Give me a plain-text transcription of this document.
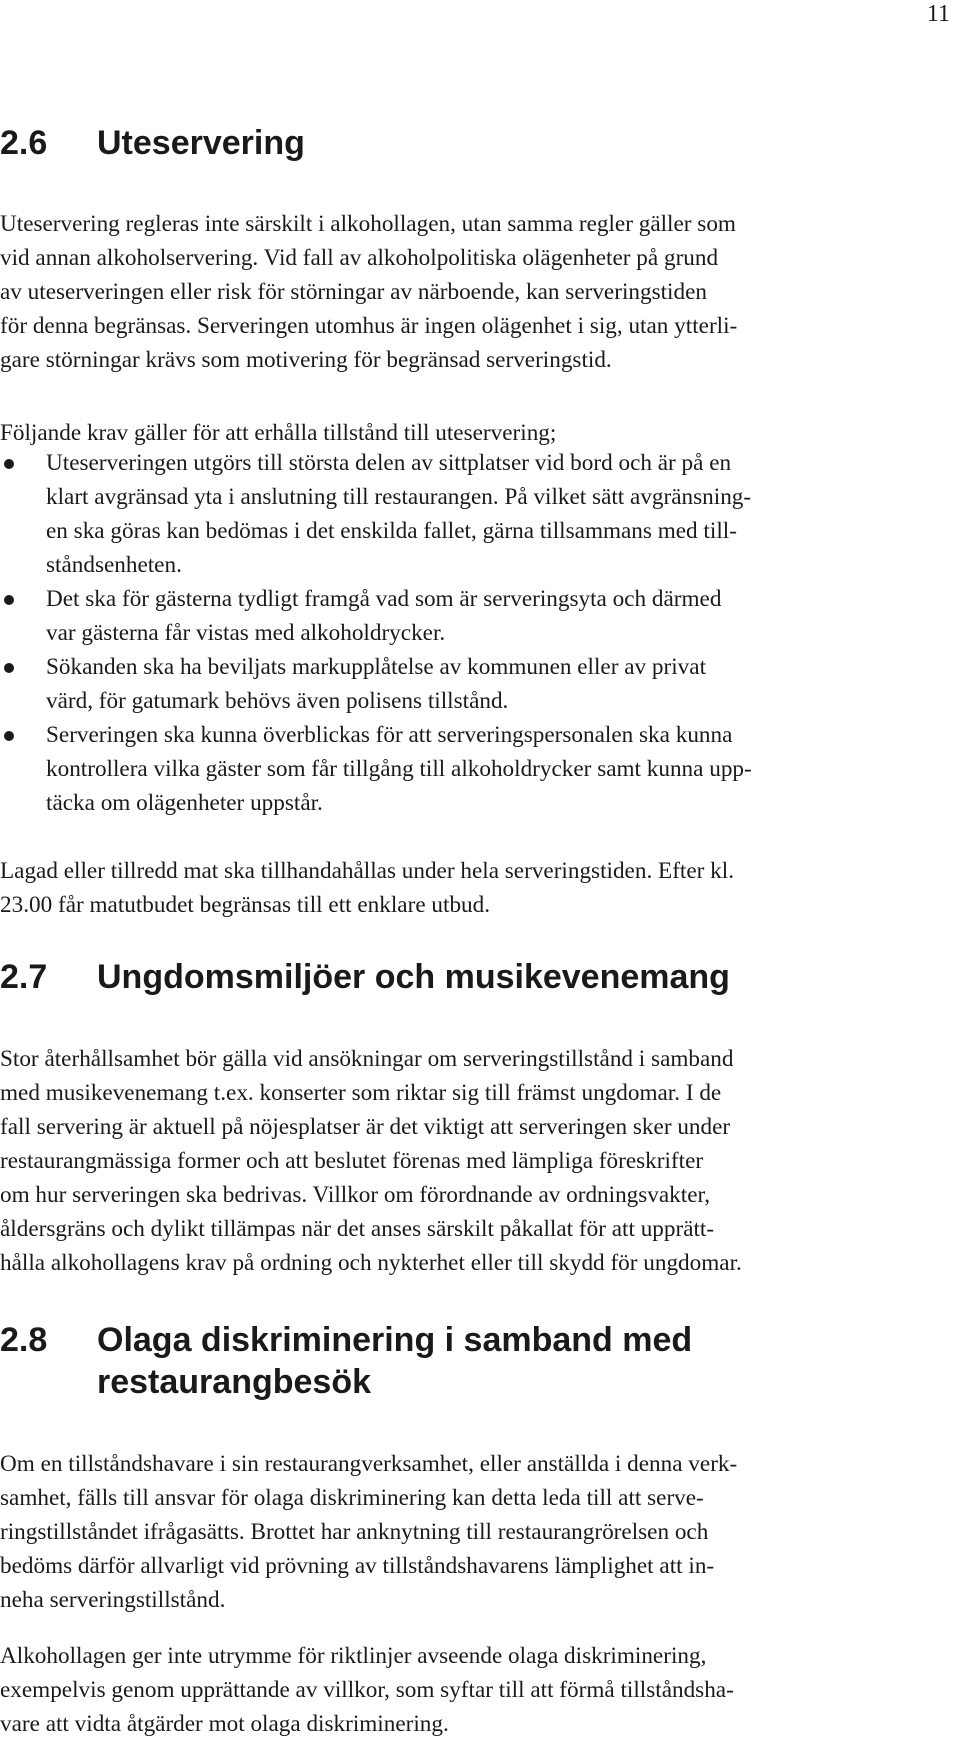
11
2.6 Uteservering

Uteservering regleras inte särskilt i alkohollagen, utan samma regler gäller som
vid annan alkoholservering. Vid fall av alkoholpolitiska olägenheter på grund
av uteserveringen eller risk för störningar av närboende, kan serveringstiden
för denna begränsas. Serveringen utomhus är ingen olägenhet i sig, utan ytterli-
gare störningar krävs som motivering för begränsad serveringstid.

Följande krav gäller för att erhålla tillstånd till uteservering;

Uteserveringen utgörs till största delen av sittplatser vid bord och är på en
klart avgränsad yta i anslutning till restaurangen. På vilket sätt avgränsning-
en ska göras kan bedömas i det enskilda fallet, gärna tillsammans med till-
ståndsenheten.
Det ska för gästerna tydligt framgå vad som är serveringsyta och därmed
var gästerna får vistas med alkoholdrycker.
Sökanden ska ha beviljats markupplåtelse av kommunen eller av privat
värd, för gatumark behövs även polisens tillstånd.
Serveringen ska kunna överblickas för att serveringspersonalen ska kunna
kontrollera vilka gäster som får tillgång till alkoholdrycker samt kunna upp-
täcka om olägenheter uppstår.

Lagad eller tillredd mat ska tillhandahållas under hela serveringstiden. Efter kl.
23.00 får matutbudet begränsas till ett enklare utbud.

2.7 Ungdomsmiljöer och musikevenemang

Stor återhållsamhet bör gälla vid ansökningar om serveringstillstånd i samband
med musikevenemang t.ex. konserter som riktar sig till främst ungdomar. I de
fall servering är aktuell på nöjesplatser är det viktigt att serveringen sker under
restaurangmässiga former och att beslutet förenas med lämpliga föreskrifter
om hur serveringen ska bedrivas. Villkor om förordnande av ordningsvakter,
åldersgräns och dylikt tillämpas när det anses särskilt påkallat för att upprätt-
hålla alkohollagens krav på ordning och nykterhet eller till skydd för ungdomar.

2.8 Olaga diskriminering i samband med
restaurangbesök

Om en tillståndshavare i sin restaurangverksamhet, eller anställda i denna verk-
samhet, fälls till ansvar för olaga diskriminering kan detta leda till att serve-
ringstillståndet ifrågasätts. Brottet har anknytning till restaurangrörelsen och
bedöms därför allvarligt vid prövning av tillståndshavarens lämplighet att in-
neha serveringstillstånd.

Alkohollagen ger inte utrymme för riktlinjer avseende olaga diskriminering,
exempelvis genom upprättande av villkor, som syftar till att förmå tillståndsha-
vare att vidta åtgärder mot olaga diskriminering.
